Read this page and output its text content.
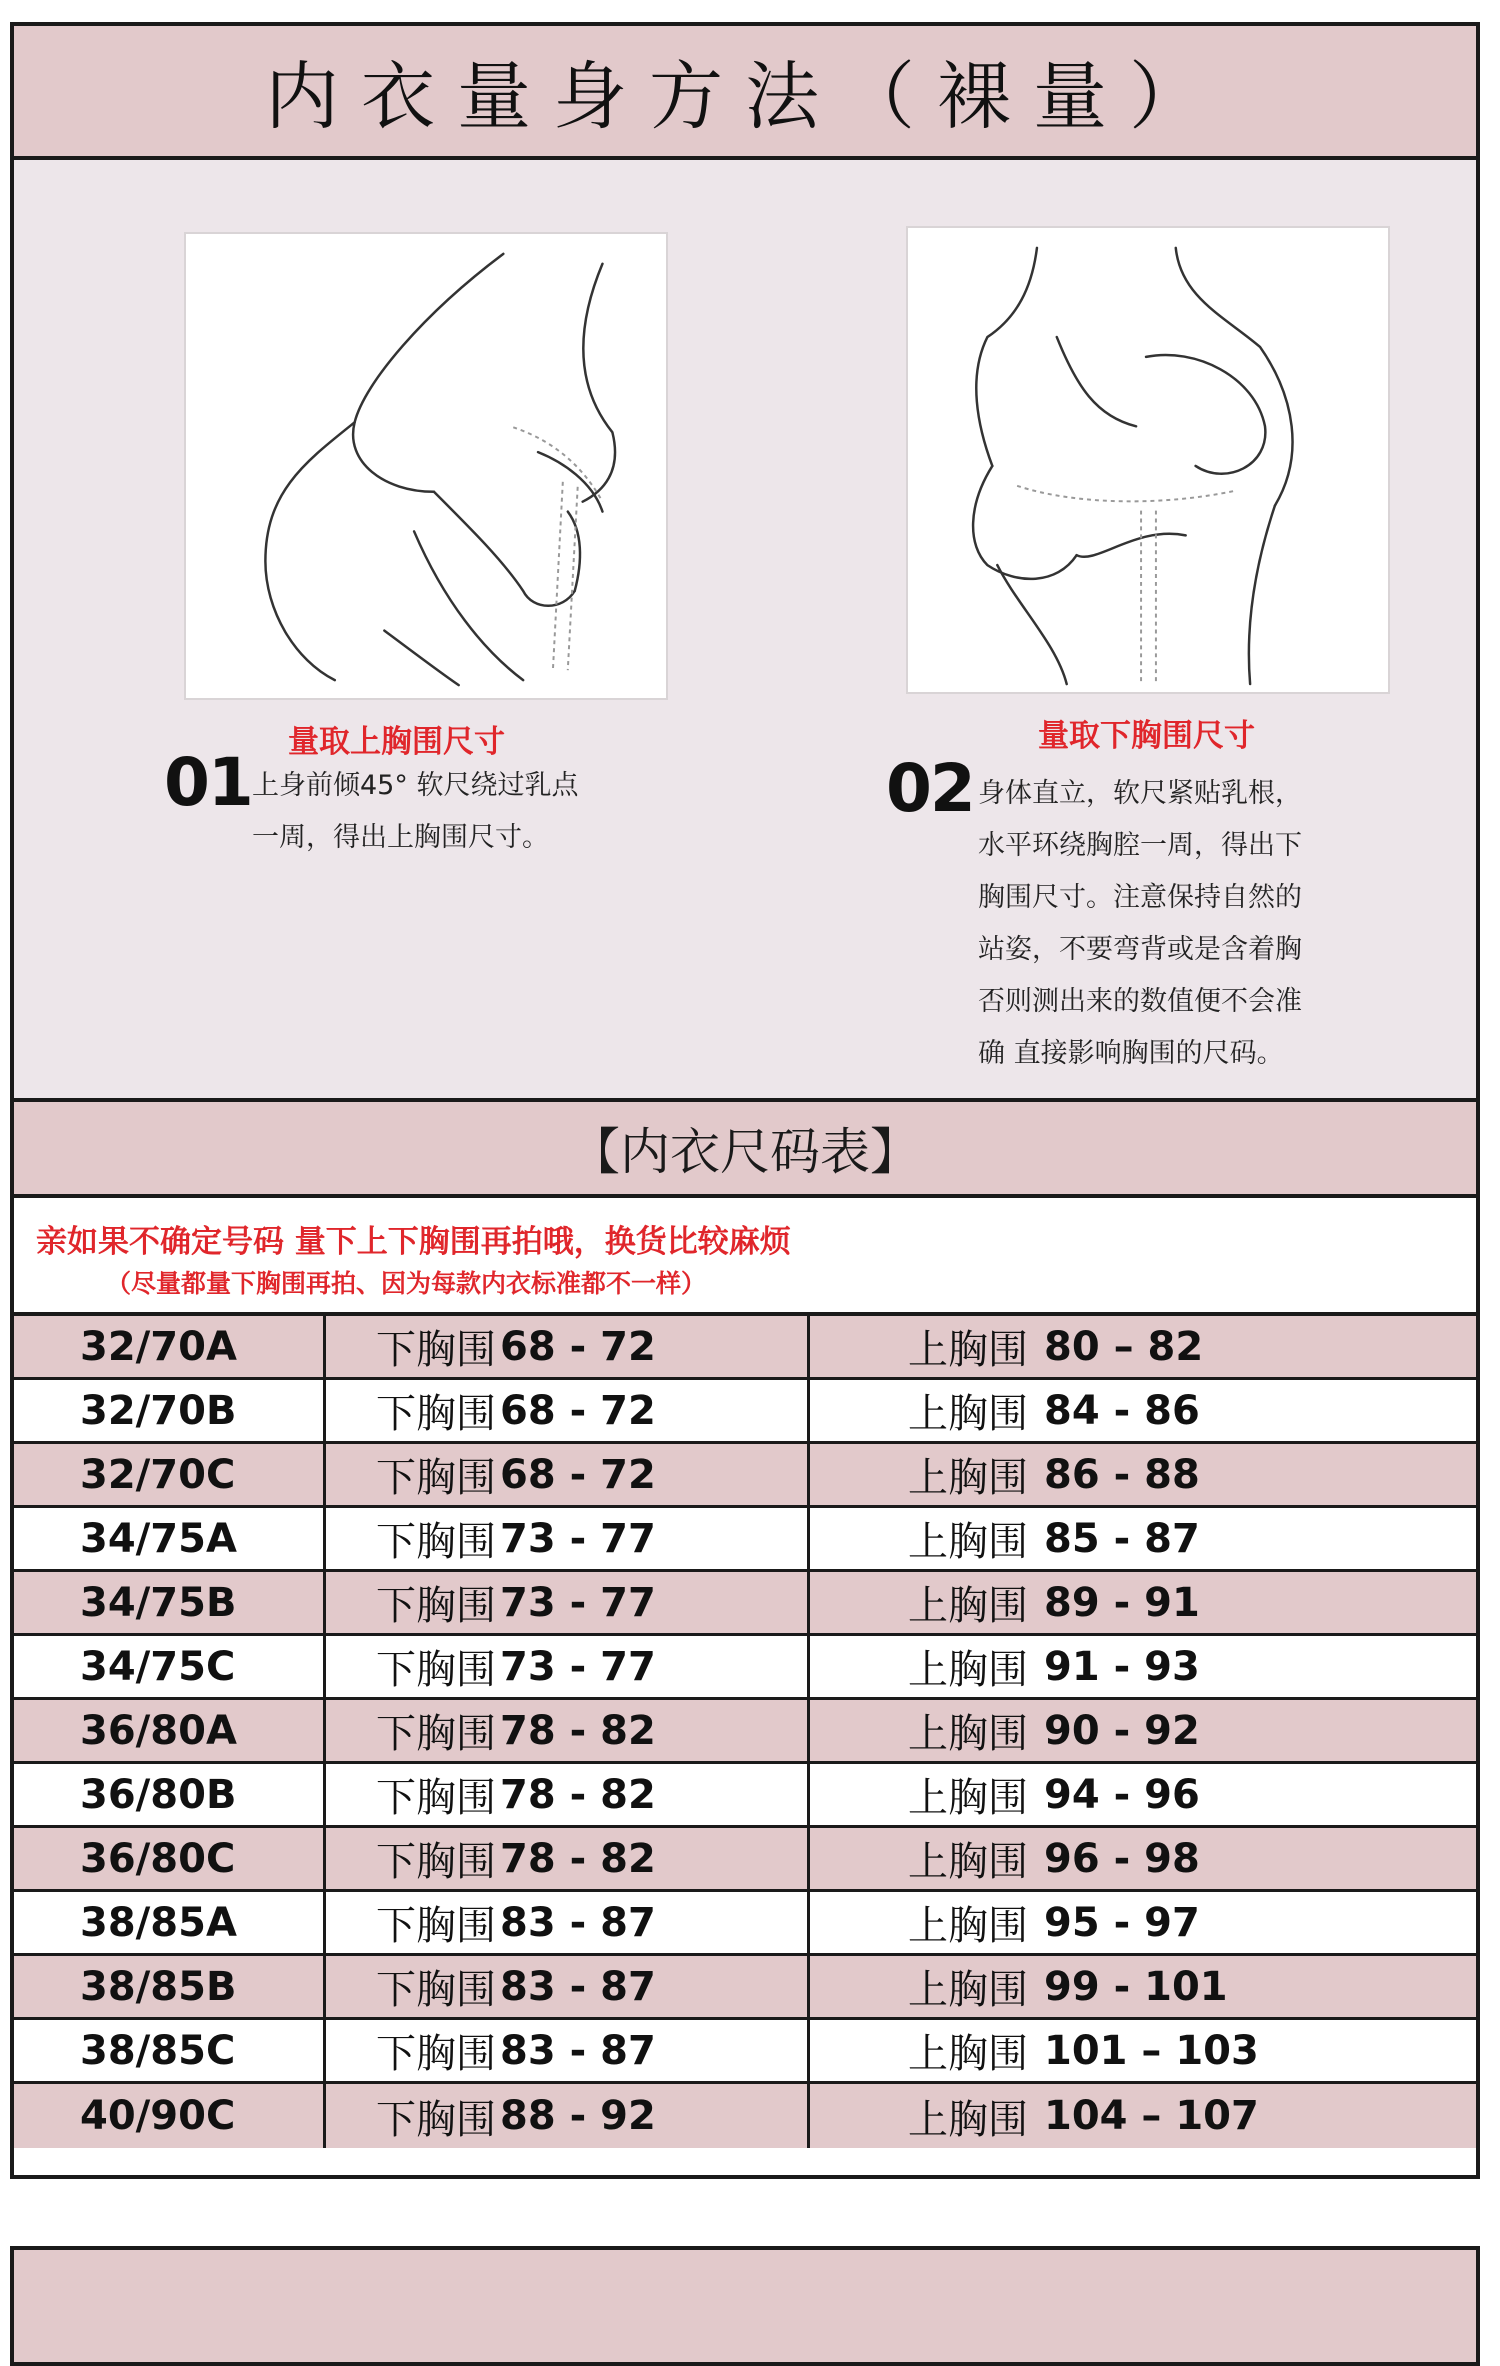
内衣量身方法（裸量）
量取上胸围尺寸
01 上身前倾45° 软尺绕过乳点
一周，得出上胸围尺寸。
量取下胸围尺寸
02 身体直立，软尺紧贴乳根，
水平环绕胸腔一周，得出下
胸围尺寸。注意保持自然的
站姿，不要弯背或是含着胸
否则测出来的数值便不会准
确 直接影响胸围的尺码。
【内衣尺码表】
亲如果不确定号码 量下上下胸围再拍哦，换货比较麻烦
（尽量都量下胸围再拍、因为每款内衣标准都不一样）
32/70A	下胸围 68 - 72	上胸围 80 – 82
32/70B	下胸围 68 - 72	上胸围 84 - 86
32/70C	下胸围 68 - 72	上胸围 86 - 88
34/75A	下胸围 73 - 77	上胸围 85 - 87
34/75B	下胸围 73 - 77	上胸围 89 - 91
34/75C	下胸围 73 - 77	上胸围 91 - 93
36/80A	下胸围 78 - 82	上胸围 90 - 92
36/80B	下胸围 78 - 82	上胸围 94 - 96
36/80C	下胸围 78 - 82	上胸围 96 - 98
38/85A	下胸围 83 - 87	上胸围 95 - 97
38/85B	下胸围 83 - 87	上胸围 99 - 101
38/85C	下胸围 83 - 87	上胸围 101 – 103
40/90C	下胸围 88 - 92	上胸围 104 – 107
